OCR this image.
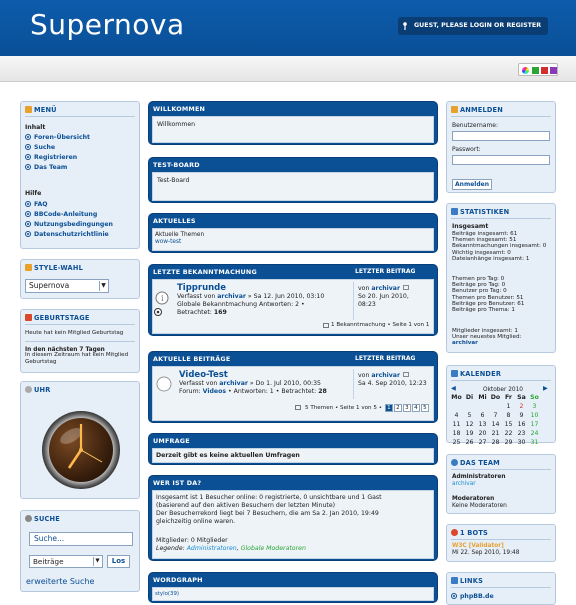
Supernova	GUEST, PLEASE LOGIN OR REGISTER
MENÜ
Inhalt
Foren-Übersicht
Suche
Registrieren
Das Team
Hilfe
FAQ
BBCode-Anleitung
Nutzungsbedingungen
Datenschutzrichtlinie
STYLE-WAHL
Supernova	▼
GEBURTSTAGE
Heute hat kein Mitglied Geburtstag
In den nächsten 7 Tagen
In diesem Zeitraum hat kein Mitglied Geburtstag
UHR
SUCHE
Suche...
Beiträge	▼	Los
erweiterte Suche
WILLKOMMEN
Willkommen
TEST-BOARD
Test-Board
AKTUELLES
Aktuelle Themen
wow-test
LETZTE BEKANNTMACHUNG	LETZTER BEITRAG
i
Tipprunde
Verfasst von archivar » Sa 12. Jun 2010, 03:10
Globale Bekanntmachung Antworten: 2 •
Betrachtet: 169
von archivar
So 20. Jun 2010, 08:23
1 Bekanntmachung • Seite 1 von 1
AKTUELLE BEITRÄGE	LETZTER BEITRAG
Video-Test
Verfasst von archivar » Do 1. Jul 2010, 00:35
Forum: Videos • Antworten: 1 • Betrachtet: 28
von archivar
Sa 4. Sep 2010, 12:23
5 Themen • Seite 1 von 5 • 1 2 3 4 5
UMFRAGE
Derzeit gibt es keine aktuellen Umfragen
WER IST DA?
Insgesamt ist 1 Besucher online: 0 registrierte, 0 unsichtbare und 1 Gast
(basierend auf den aktiven Besuchern der letzten Minute)
Der Besucherrekord liegt bei 7 Besuchern, die am Sa 2. Jan 2010, 19:49
gleichzeitig online waren.
Mitglieder: 0 Mitglieder
Legende: Administratoren, Globale Moderatoren
WORDGRAPH
stylo(39)
ANMELDEN
Benutzername:
Passwort:
Anmelden
STATISTIKEN
Insgesamt
Beiträge insgesamt: 61
Themen insgesamt: 51
Bekanntmachungen insgesamt: 0
Wichtig insgesamt: 0
Dateianhänge insgesamt: 1
Themen pro Tag: 0
Beiträge pro Tag: 0
Benutzer pro Tag: 0
Themen pro Benutzer: 51
Beiträge pro Benutzer: 61
Beiträge pro Thema: 1
Mitglieder insgesamt: 1
Unser neuestes Mitglied:
archivar
KALENDER
◀	Oktober 2010	▶
Mo	Di	Mi	Do	Fr	Sa	So
				1	2	3
4	5	6	7	8	9	10
11	12	13	14	15	16	17
18	19	20	21	22	23	24
25	26	27	28	29	30	31
DAS TEAM
Administratoren
archivar
Moderatoren
Keine Moderatoren
1 BOTS
W3C [Validator]
Mi 22. Sep 2010, 19:48
LINKS
phpBB.de
